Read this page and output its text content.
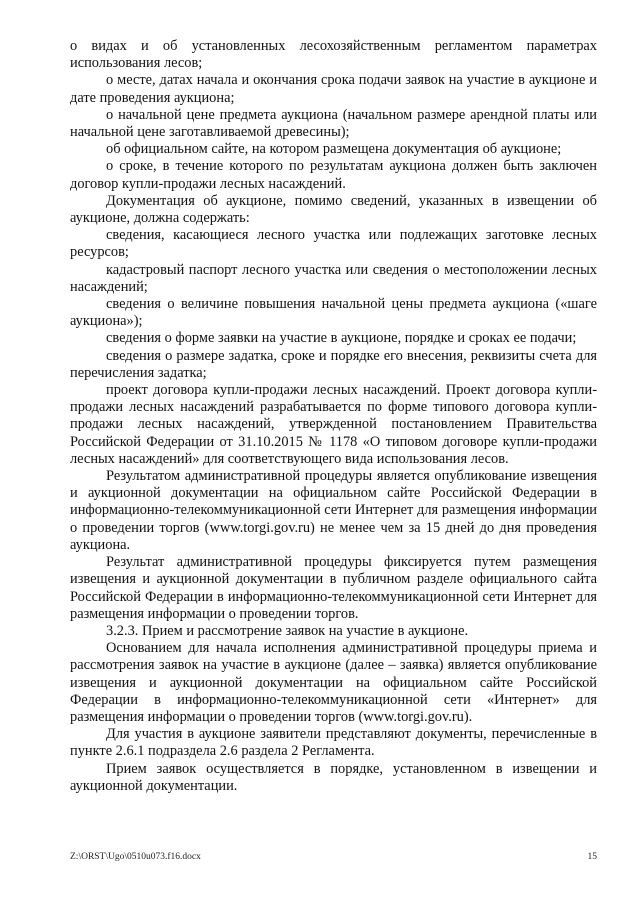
о видах и об установленных лесохозяйственным регламентом параметрах использования лесов;

о месте, датах начала и окончания срока подачи заявок на участие в аукционе и дате проведения аукциона;

о начальной цене предмета аукциона (начальном размере арендной платы или начальной цене заготавливаемой древесины);

об официальном сайте, на котором размещена документация об аукционе;

о сроке, в течение которого по результатам аукциона должен быть заключен договор купли-продажи лесных насаждений.

Документация об аукционе, помимо сведений, указанных в извещении об аукционе, должна содержать:

сведения, касающиеся лесного участка или подлежащих заготовке лесных ресурсов;

кадастровый паспорт лесного участка или сведения о местоположении лесных насаждений;

сведения о величине повышения начальной цены предмета аукциона («шаге аукциона»);

сведения о форме заявки на участие в аукционе, порядке и сроках ее подачи;

сведения о размере задатка, сроке и порядке его внесения, реквизиты счета для перечисления задатка;

проект договора купли-продажи лесных насаждений. Проект договора купли-продажи лесных насаждений разрабатывается по форме типового договора купли-продажи лесных насаждений, утвержденной постановлением Правительства Российской Федерации от 31.10.2015 № 1178 «О типовом договоре купли-продажи лесных насаждений» для соответствующего вида использования лесов.

Результатом административной процедуры является опубликование извещения и аукционной документации на официальном сайте Российской Федерации в информационно-телекоммуникационной сети Интернет для размещения информации о проведении торгов (www.torgi.gov.ru) не менее чем за 15 дней до дня проведения аукциона.

Результат административной процедуры фиксируется путем размещения извещения и аукционной документации в публичном разделе официального сайта Российской Федерации в информационно-телекоммуникационной сети Интернет для размещения информации о проведении торгов.

3.2.3. Прием и рассмотрение заявок на участие в аукционе.

Основанием для начала исполнения административной процедуры приема и рассмотрения заявок на участие в аукционе (далее – заявка) является опубликование извещения и аукционной документации на официальном сайте Российской Федерации в информационно-телекоммуникационной сети «Интернет» для размещения информации о проведении торгов (www.torgi.gov.ru).

Для участия в аукционе заявители представляют документы, перечисленные в пункте 2.6.1 подраздела 2.6 раздела 2 Регламента.

Прием заявок осуществляется в порядке, установленном в извещении и аукционной документации.

Z:\ORST\Ugo\0510u073.f16.docx	15
